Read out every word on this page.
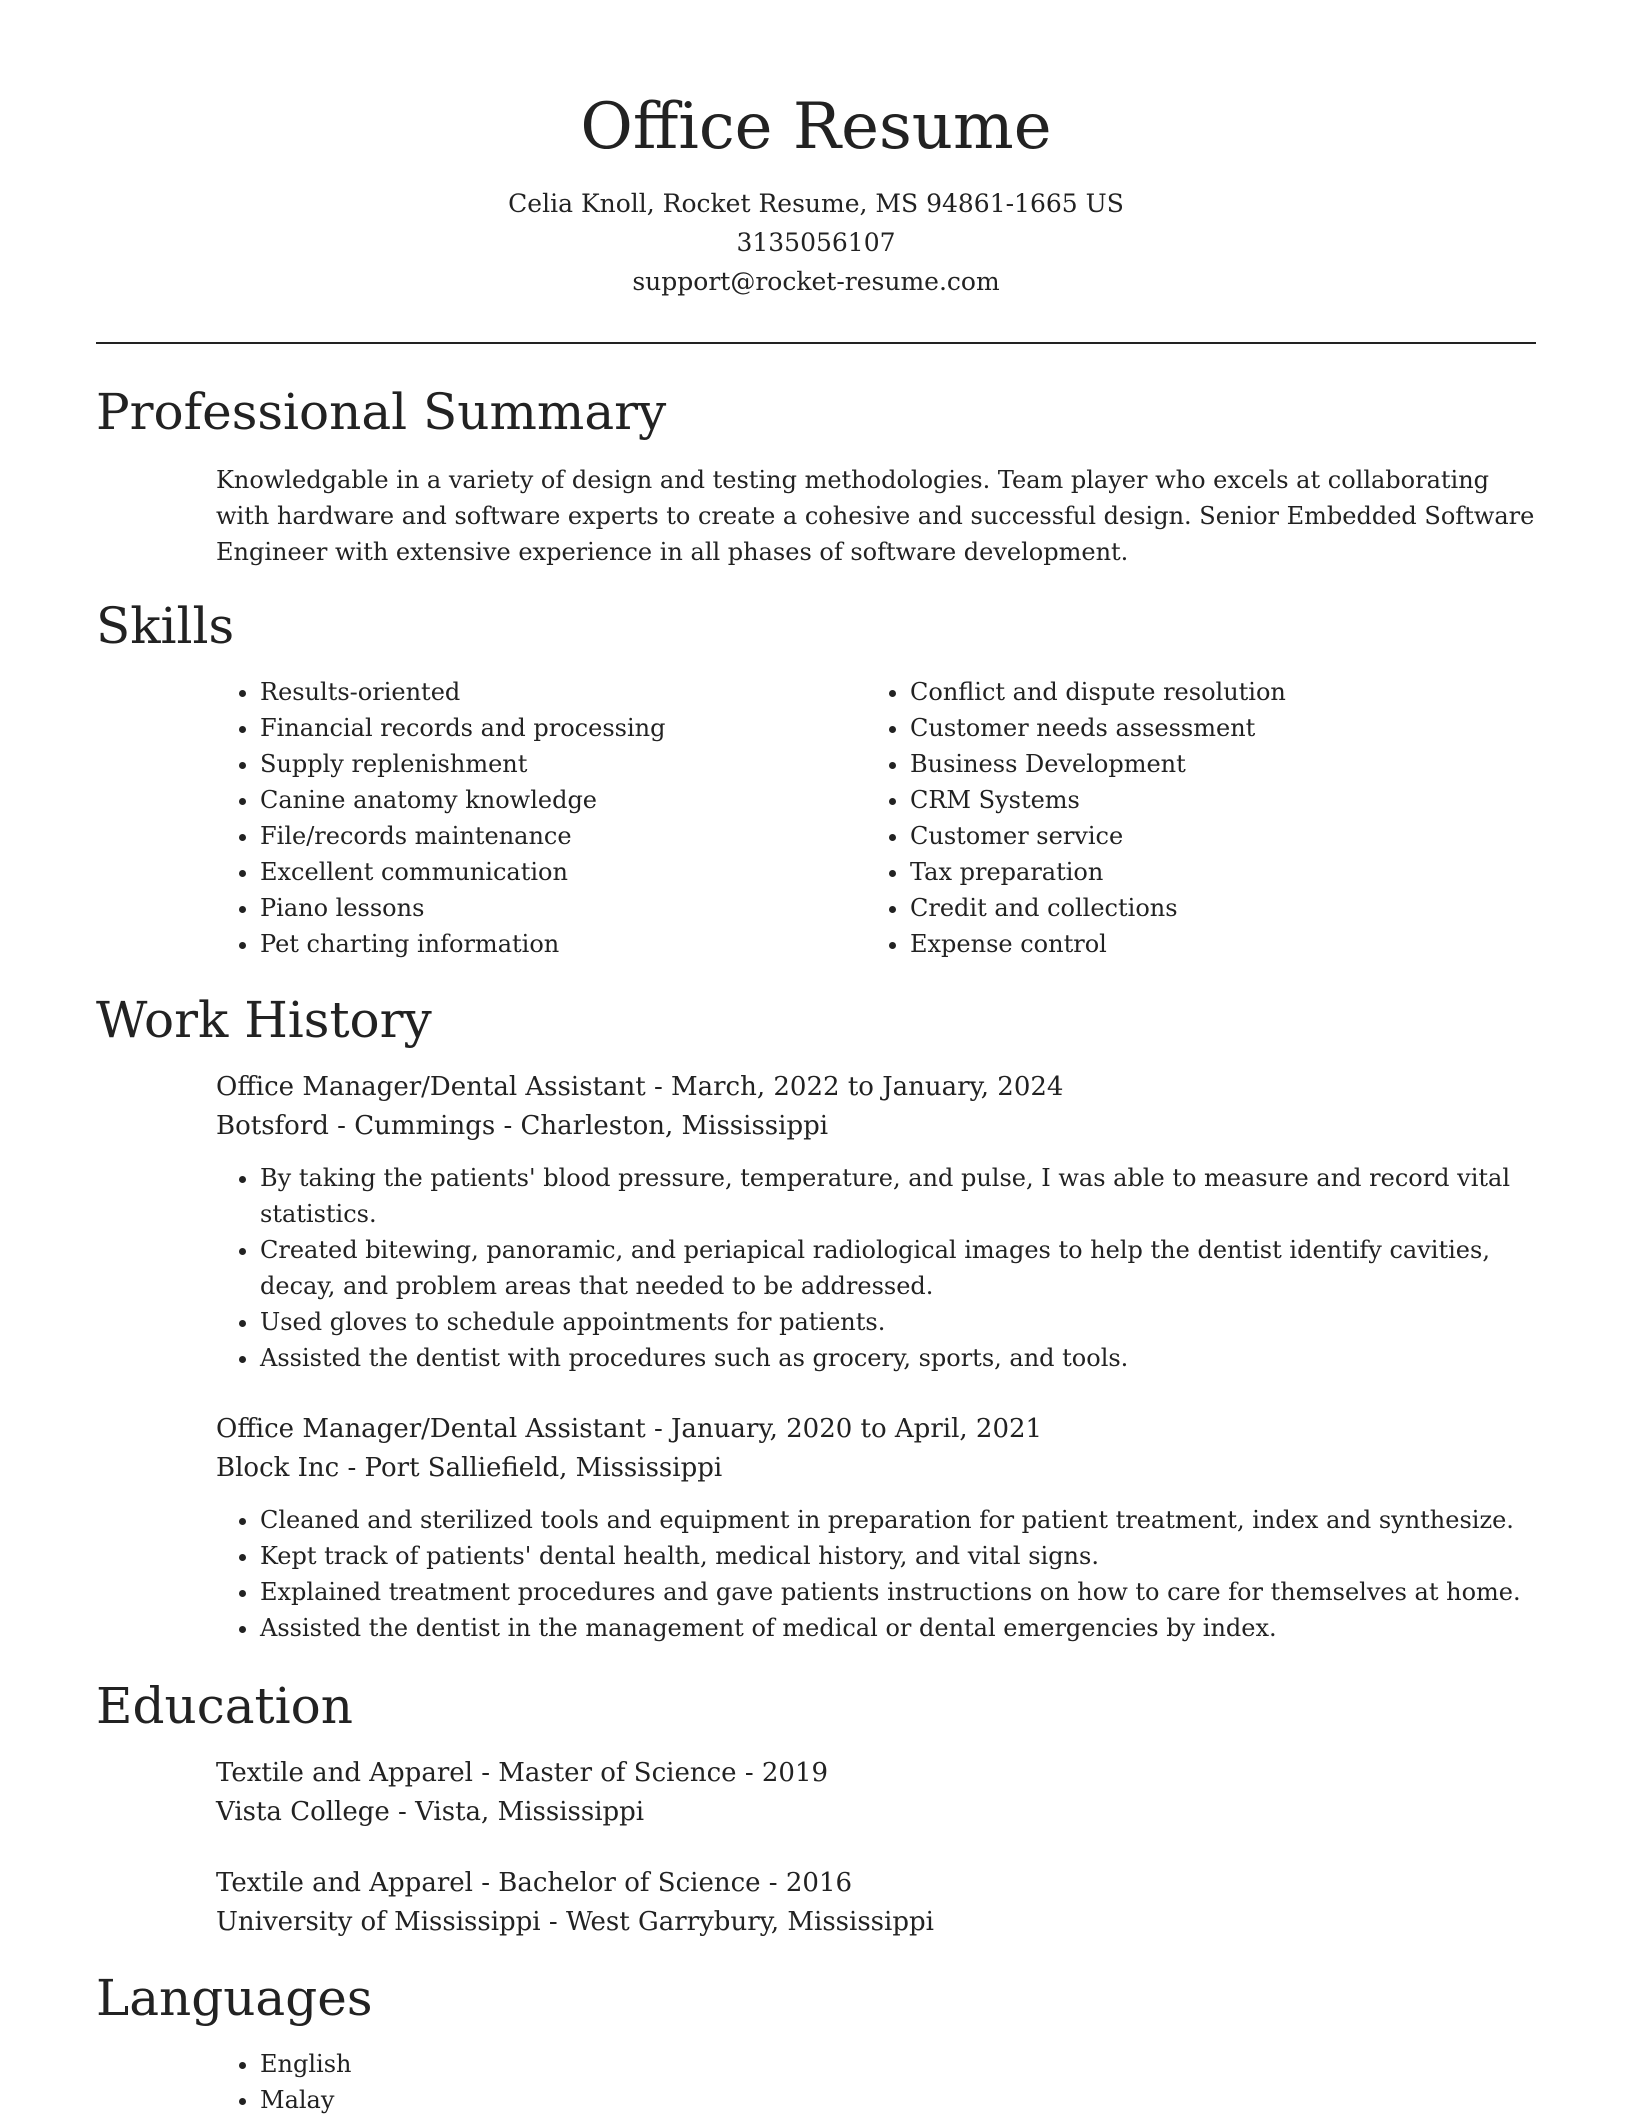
Office Resume
Celia Knoll, Rocket Resume, MS 94861-1665 US
3135056107
support@rocket-resume.com
Professional Summary
Knowledgable in a variety of design and testing methodologies. Team player who excels at collaborating with hardware and software experts to create a cohesive and successful design. Senior Embedded Software Engineer with extensive experience in all phases of software development.
Skills
• Results-oriented
• Financial records and processing
• Supply replenishment
• Canine anatomy knowledge
• File/records maintenance
• Excellent communication
• Piano lessons
• Pet charting information
• Conflict and dispute resolution
• Customer needs assessment
• Business Development
• CRM Systems
• Customer service
• Tax preparation
• Credit and collections
• Expense control
Work History
Office Manager/Dental Assistant - March, 2022 to January, 2024
Botsford - Cummings - Charleston, Mississippi
• By taking the patients' blood pressure, temperature, and pulse, I was able to measure and record vital statistics.
• Created bitewing, panoramic, and periapical radiological images to help the dentist identify cavities, decay, and problem areas that needed to be addressed.
• Used gloves to schedule appointments for patients.
• Assisted the dentist with procedures such as grocery, sports, and tools.
Office Manager/Dental Assistant - January, 2020 to April, 2021
Block Inc - Port Salliefield, Mississippi
• Cleaned and sterilized tools and equipment in preparation for patient treatment, index and synthesize.
• Kept track of patients' dental health, medical history, and vital signs.
• Explained treatment procedures and gave patients instructions on how to care for themselves at home.
• Assisted the dentist in the management of medical or dental emergencies by index.
Education
Textile and Apparel - Master of Science - 2019
Vista College - Vista, Mississippi
Textile and Apparel - Bachelor of Science - 2016
University of Mississippi - West Garrybury, Mississippi
Languages
• English
• Malay
